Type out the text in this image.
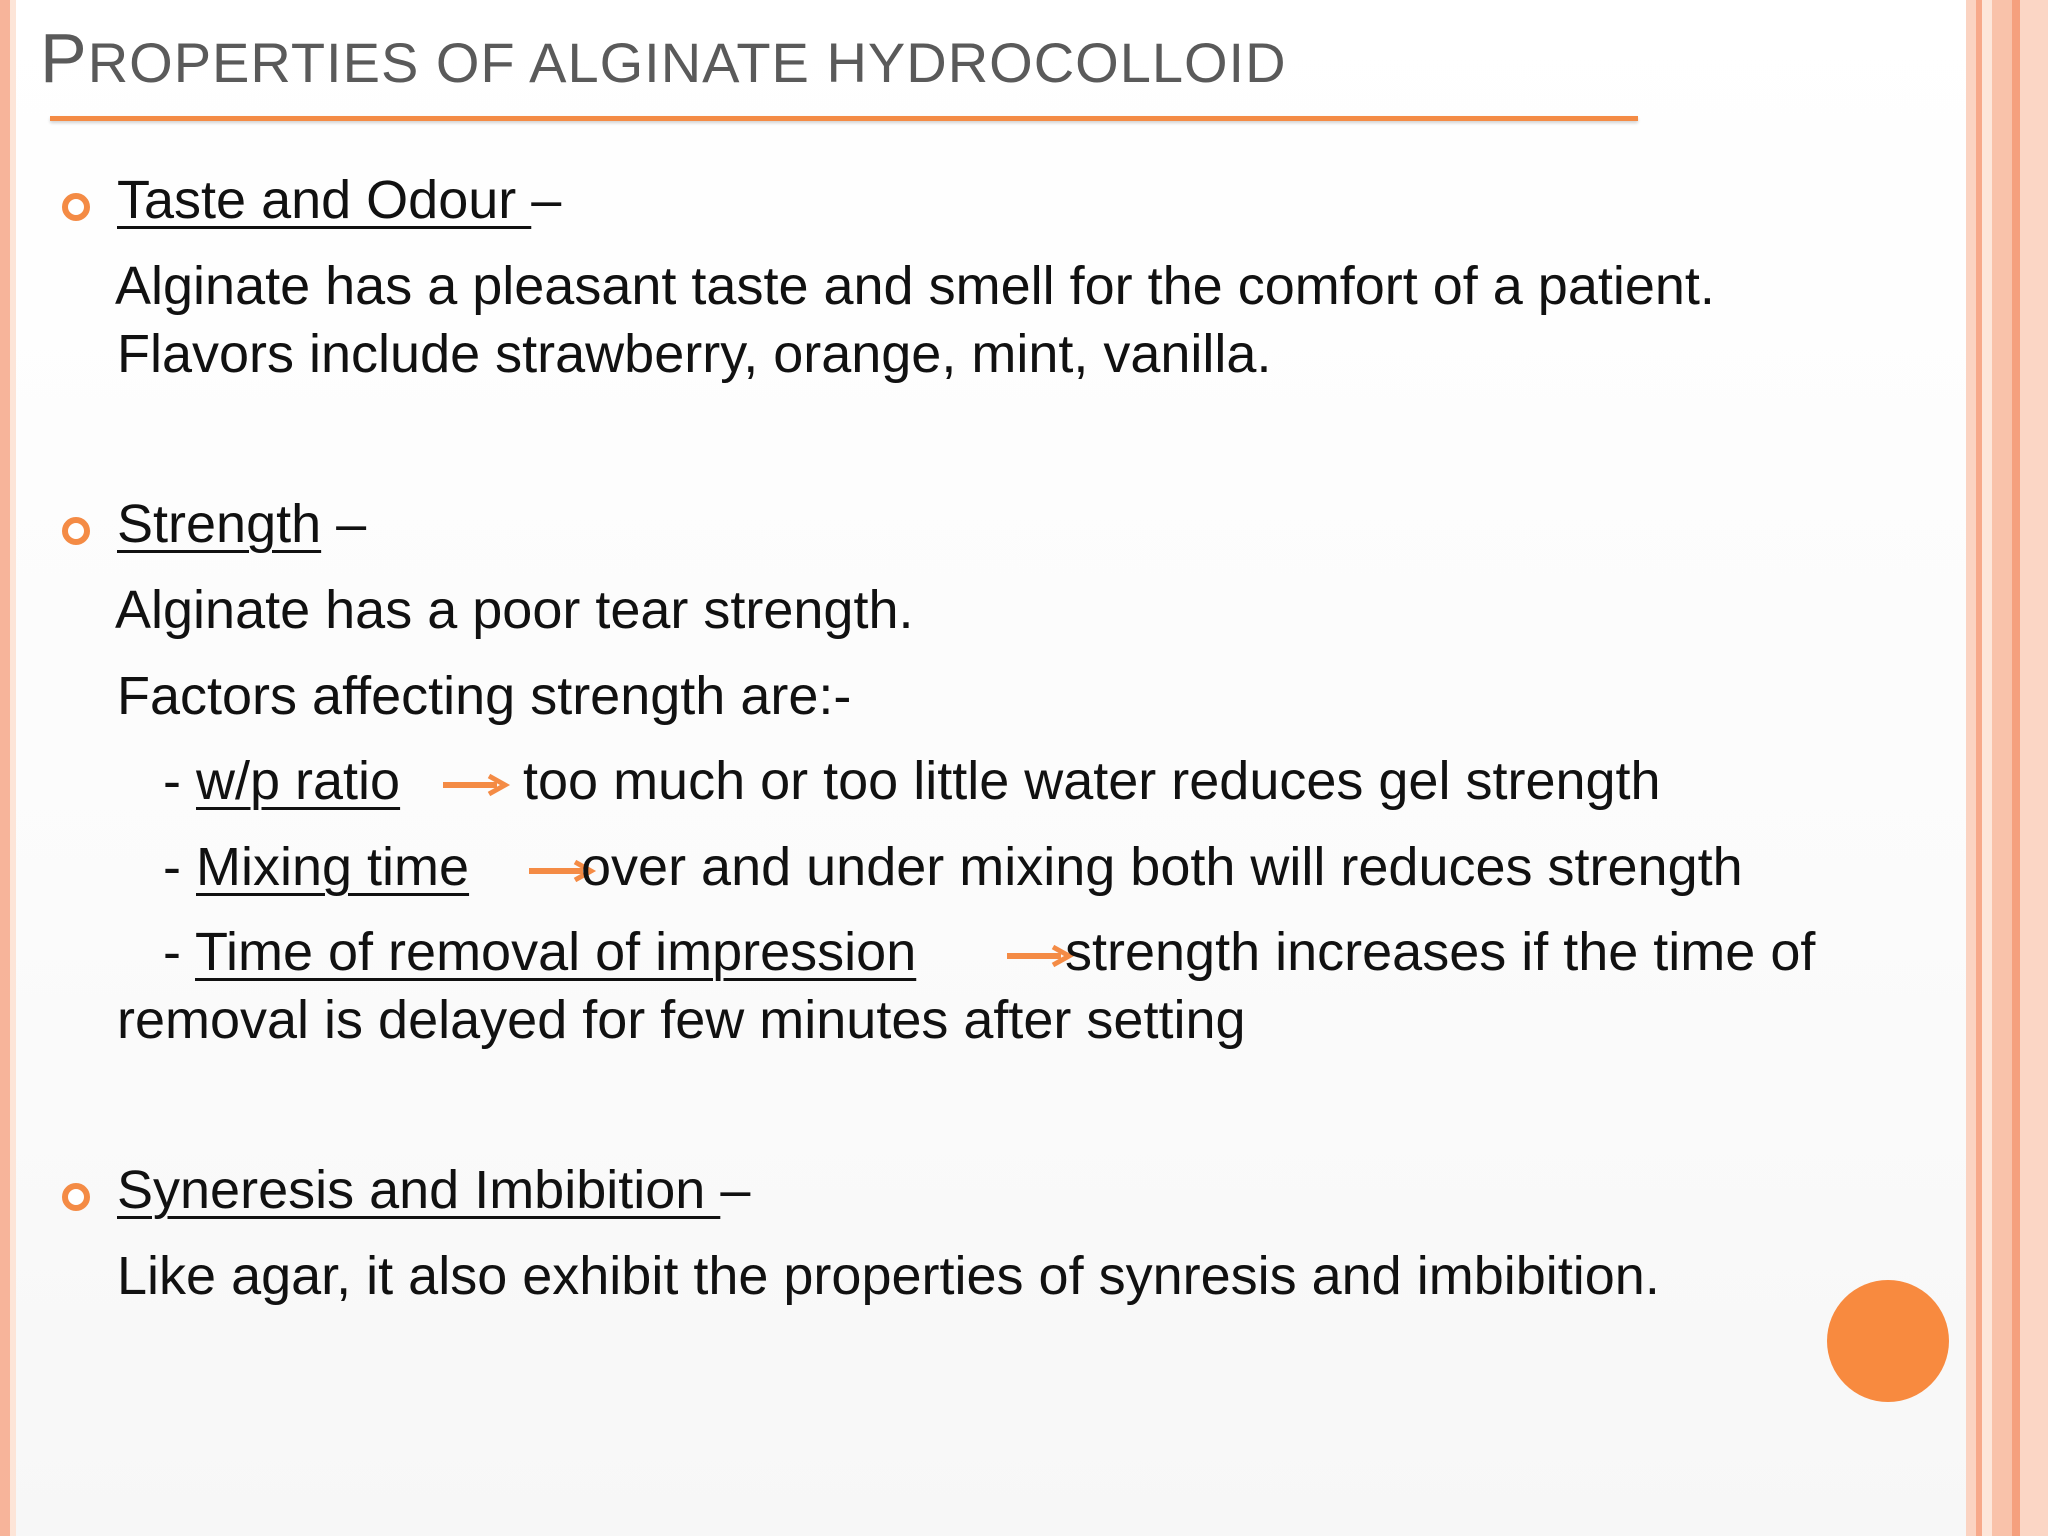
PROPERTIES OF ALGINATE HYDROCOLLOID
Taste and Odour –
Alginate has a pleasant taste and smell for the comfort of a patient.
Flavors include strawberry, orange, mint, vanilla.
Strength –
Alginate has a poor tear strength.
Factors affecting strength are:-
- w/p ratio too much or too little water reduces gel strength
- Mixing time over and under mixing both will reduces strength
- Time of removal of impression	strength increases if the time of
removal is delayed for few minutes after setting
Syneresis and Imbibition –
Like agar, it also exhibit the properties of synresis and imbibition.
